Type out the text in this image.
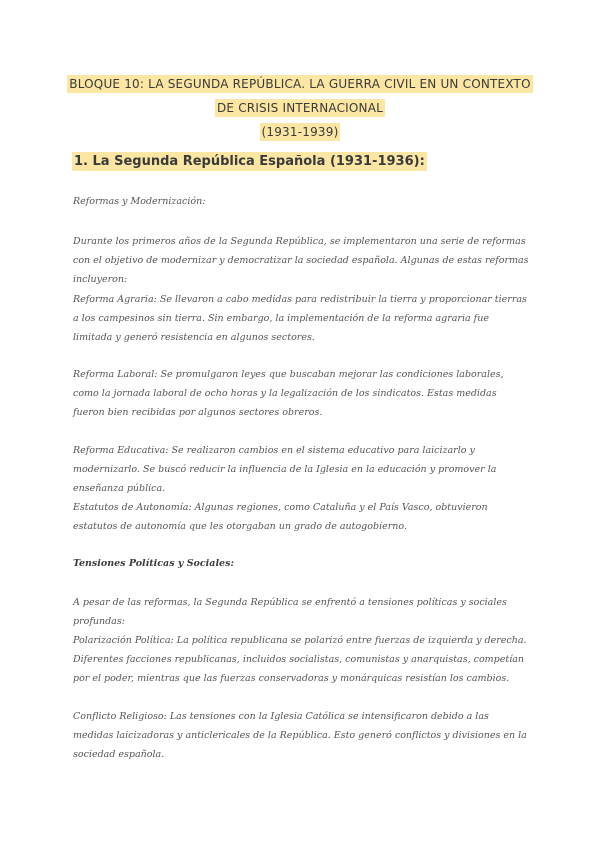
BLOQUE 10: LA SEGUNDA REPÚBLICA. LA GUERRA CIVIL EN UN CONTEXTO DE CRISIS INTERNACIONAL
(1931-1939)
1. La Segunda República Española (1931-1936):

Reformas y Modernización:

Durante los primeros años de la Segunda República, se implementaron una serie de reformas con el objetivo de modernizar y democratizar la sociedad española. Algunas de estas reformas incluyeron:

Reforma Agraria: Se llevaron a cabo medidas para redistribuir la tierra y proporcionar tierras a los campesinos sin tierra. Sin embargo, la implementación de la reforma agraria fue limitada y generó resistencia en algunos sectores.

Reforma Laboral: Se promulgaron leyes que buscaban mejorar las condiciones laborales, como la jornada laboral de ocho horas y la legalización de los sindicatos. Estas medidas fueron bien recibidas por algunos sectores obreros.

Reforma Educativa: Se realizaron cambios en el sistema educativo para laicizarlo y modernizarlo. Se buscó reducir la influencia de la Iglesia en la educación y promover la enseñanza pública.

Estatutos de Autonomía: Algunas regiones, como Cataluña y el País Vasco, obtuvieron estatutos de autonomía que les otorgaban un grado de autogobierno.

Tensiones Políticas y Sociales:

A pesar de las reformas, la Segunda República se enfrentó a tensiones políticas y sociales profundas:

Polarización Política: La política republicana se polarizó entre fuerzas de izquierda y derecha. Diferentes facciones republicanas, incluidos socialistas, comunistas y anarquistas, competían por el poder, mientras que las fuerzas conservadoras y monárquicas resistían los cambios.

Conflicto Religioso: Las tensiones con la Iglesia Católica se intensificaron debido a las medidas laicizadoras y anticlericales de la República. Esto generó conflictos y divisiones en la sociedad española.
